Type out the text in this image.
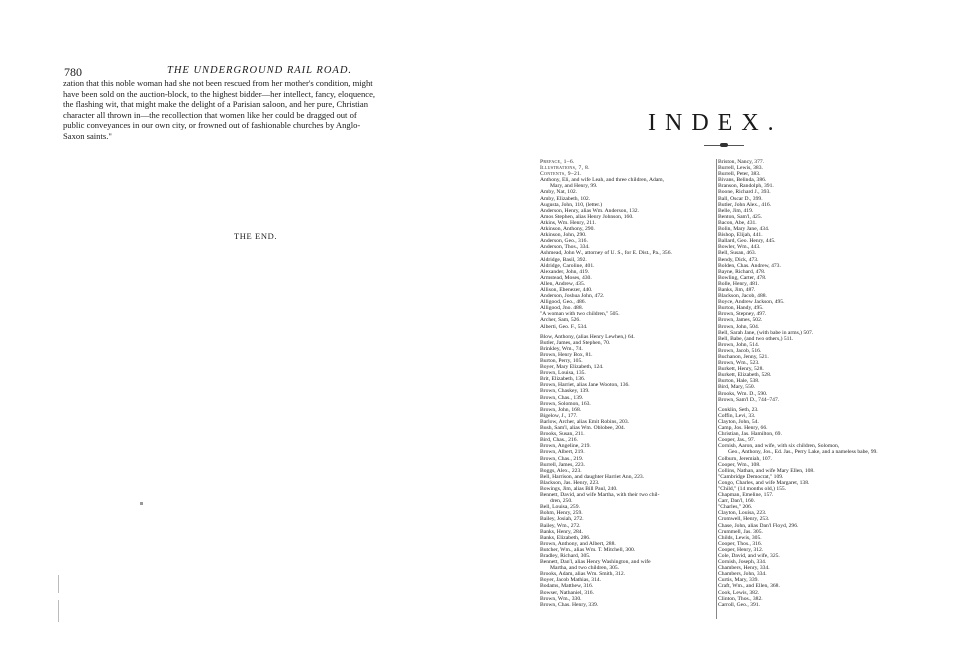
780	THE UNDERGROUND RAIL ROAD.
zation that this noble woman had she not been rescued from her mother's condition, might
have been sold on the auction-block, to the highest bidder—her intellect, fancy, eloquence,
the flashing wit, that might make the delight of a Parisian saloon, and her pure, Christian
character all thrown in—the recollection that women like her could be dragged out of
public conveyances in our own city, or frowned out of fashionable churches by Anglo-
Saxon saints."
THE END.
INDEX.
Preface, 1–6.
Illustrations, 7, 8.
Contents, 9–21.
Anthony, Eli, and wife Leah, and three children, Adam,
Mary, and Henry, 99.
Amby, Nat, 102.
Amby, Elizabeth, 102.
Augusta, John, 110, (letter.)
Anderson, Henry, alias Wm. Anderson, 132.
Amos Stephen, alias Henry Johnson, 160.
Atkins, Wm. Henry, 211.
Atkinson, Anthony, 290.
Atkinson, John, 290.
Anderson, Geo., 316.
Anderson, Thos., 334.
Ashmead, John W., attorney of U. S., for E. Dist., Pa., 356.
Aldridge, Basil, 392.
Aldridge, Caroline, 401.
Alexander, John, 419.
Armstead, Moses, 430.
Allen, Andrew, 435.
Allison, Ebenezer, 440.
Anderson, Joshua John, 472.
Alligood, Geo., 486.
Alligood, Jno. 488.
"A woman with two children," 505.
Archer, Sam, 526.
Alberti, Geo. F., 534.
Blow, Anthony, (alias Henry Lewhen,) 64.
Butler, James, and Stephen, 70.
Brinkley, Wm., 74.
Brown, Henry Box, 81.
Burton, Perry, 105.
Boyer, Mary Elizabeth, 124.
Brown, Louisa, 135.
Brit, Elizabeth, 136.
Brown, Harriet, alias Jane Wooton, 136.
Brown, Chaskey, 139.
Brown, Chas., 139.
Brown, Solomon, 163.
Brown, John, 168.
Bigelow, J., 177.
Barlow, Archer, alias Emit Robins, 203.
Bush, Sam'l, alias Wm. Oblobee, 204.
Brooks, Susan, 211.
Bird, Chas., 216.
Brown, Angeline, 219.
Brown, Albert, 219.
Brown, Chas., 219.
Burrell, James, 223.
Boggs, Alex., 223.
Bell, Harrison, and daughter Harriet Ann, 223.
Blackson, Jas. Henry, 223.
Bowings, Jim, alias Bill Paul, 240.
Bennett, David, and wife Martha, with their two chil-
dren, 250.
Bell, Louisa, 259.
Bohm, Henry, 259.
Bailey, Josiah, 272.
Bailey, Wm., 272.
Banks, Henry, 284.
Banks, Elizabeth, 286.
Brown, Anthony, and Albert, 288.
Butcher, Wm., alias Wm. T. Mitchell, 300.
Bradley, Richard, 305.
Bennett, Dan'l, alias Henry Washington, and wife
Martha, and two children, 305.
Brooks, Adam, alias Wm. Smith, 312.
Boyer, Jacob Mathias, 314.
Bodams, Matthew, 316.
Bowser, Nathaniel, 316.
Brown, Wm., 330.
Brown, Chas. Henry, 339.
Briston, Nancy, 377.
Burrell, Lewis, 383.
Burrell, Peter, 383.
Bivans, Belinda, 386.
Branson, Randolph, 391.
Boone, Richard J., 393.
Ball, Oscar D., 399.
Butler, John Alex., 416.
Belle, Jim, 419.
Benton, Sam'l, 425.
Bacon, Abe, 431.
Bolin, Mary Jane, 434.
Bishop, Elijah, 441.
Ballard, Geo. Henry, 445.
Bowler, Wm., 443.
Bell, Susan, 463.
Bendy, Dick, 473.
Bolden, Chas. Andrew, 473.
Bayne, Richard, 478.
Bowling, Carter, 478.
Bolle, Henry, 481.
Banks, Jim, 487.
Blackson, Jacob, 488.
Boyce, Andrew Jackson, 495.
Burton, Handy, 495.
Brown, Stepney, 497.
Brown, James, 502.
Brown, John, 504.
Bell, Sarah Jane, (with babe in arms,) 507.
Bell, Babe, (and two others,) 511.
Brown, John, 514.
Brown, Jacob, 516.
Buchanon, Jenny, 521.
Brown, Wm., 523.
Burkett, Henry, 528.
Burkett, Elizabeth, 528.
Burton, Hale, 538.
Bird, Mary, 550.
Brooks, Wm. D., 590.
Brown, Sam'l D., 744–747.
Conklin, Seth, 23.
Coffin, Levi, 33.
Clayton, John, 54.
Camp, Jos. Henry, 66.
Christian, Jas. Hamilton, 69.
Cooper, Jas., 97.
Cornish, Aaron, and wife, with six children, Solomon,
Geo., Anthony, Jos., Ed. Jas., Perry Lake, and a nameless babe, 99.
Colburn, Jeremiah, 107.
Cooper, Wm., 108.
Collins, Nathan, and wife Mary Ellen, 108.
"Cambridge Democrat," 109.
Congo, Charles, and wife Margaret, 138.
"Child," (14 months old,) 155.
Chapman, Emeline, 157.
Carr, Dan'l, 160.
"Charles," 206.
Clayton, Louisa, 223.
Cromwell, Henry, 253.
Chase, John, alias Dan'l Floyd, 296.
Crummell, Jas. 305.
Childs, Lewis, 305.
Cooper, Thos., 316.
Cooper, Henry, 312.
Cole, David, and wife, 325.
Cornish, Joseph, 334.
Chambers, Henry, 334.
Chambers, John, 334.
Curtis, Mary, 339.
Craft, Wm., and Ellen, 368.
Cook, Lewis, 382.
Clinton, Thos., 382.
Carroll, Geo., 391.
